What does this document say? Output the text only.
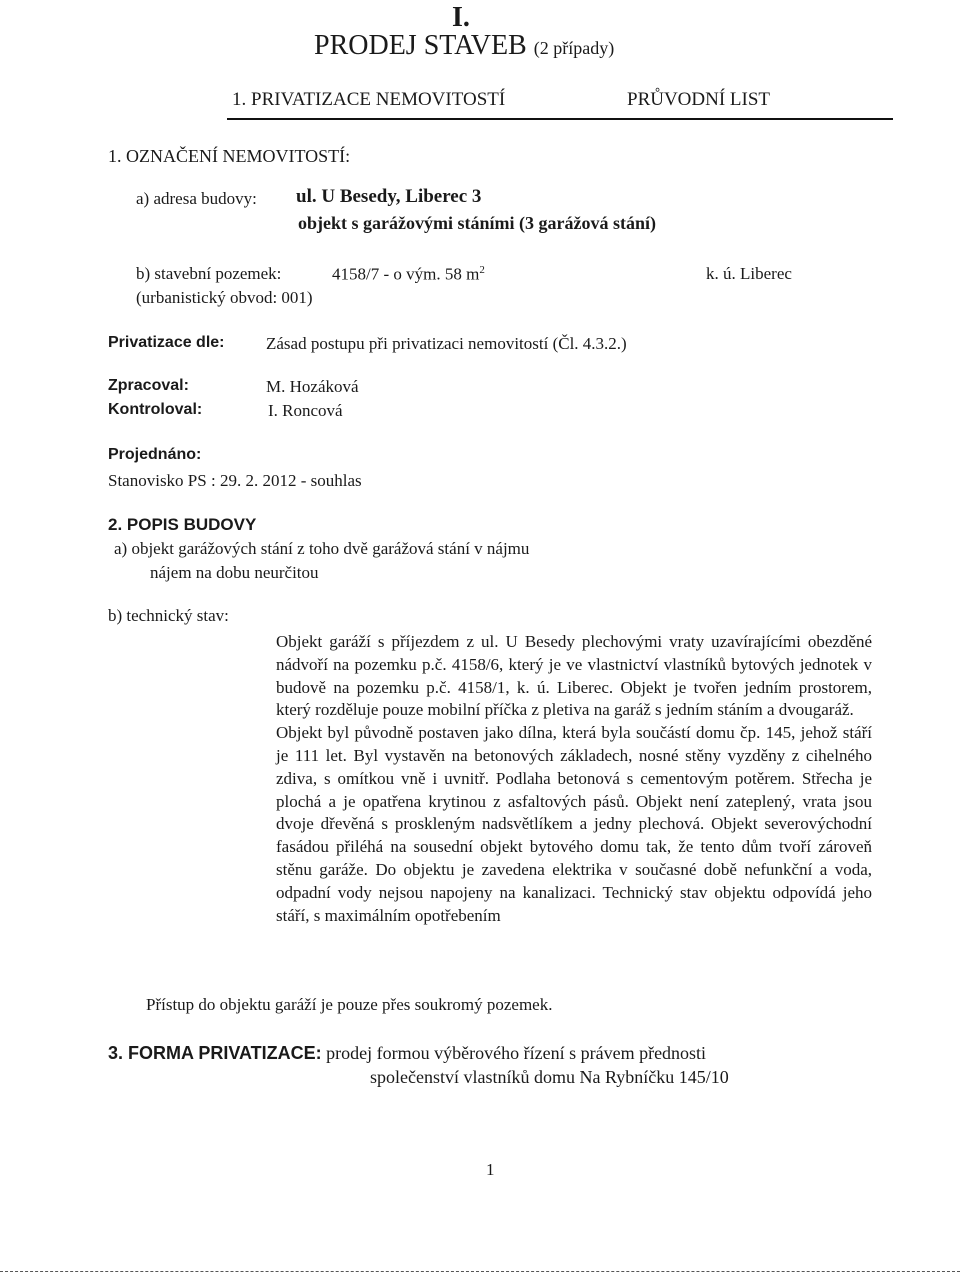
I.
PRODEJ STAVEB (2 případy)
1. PRIVATIZACE NEMOVITOSTÍ	PRŮVODNÍ LIST
1. OZNAČENÍ NEMOVITOSTÍ:
a) adresa budovy: ul. U Besedy, Liberec 3
objekt s garážovými stáními (3 garážová stání)
b) stavební pozemek:	4158/7 - o vým. 58 $m^2$	k. ú. Liberec
(urbanistický obvod: 001)
Privatizace dle: Zásad postupu při privatizaci nemovitostí (Čl. 4.3.2.)
Zpracoval:	M. Hozáková
Kontroloval:	I. Roncová
Projednáno:
Stanovisko PS : 29. 2. 2012 - souhlas
2. POPIS BUDOVY
a) objekt garážových stání z toho dvě garážová stání v nájmu
nájem na dobu neurčitou
b) technický stav:

Objekt garáží s příjezdem z ul. U Besedy plechovými vraty uzavírajícími obezděné nádvoří na pozemku p.č. 4158/6, který je ve vlastnictví vlastníků bytových jednotek v budově na pozemku p.č. 4158/1, k. ú. Liberec. Objekt je tvořen jedním prostorem, který rozděluje pouze mobilní příčka z pletiva na garáž s jedním stáním a dvougaráž.

Objekt byl původně postaven jako dílna, která byla součástí domu čp. 145, jehož stáří je 111 let. Byl vystavěn na betonových základech, nosné stěny vyzděny z cihelného zdiva, s omítkou vně i uvnitř. Podlaha betonová s cementovým potěrem. Střecha je plochá a je opatřena krytinou z asfaltových pásů. Objekt není zateplený, vrata jsou dvoje dřevěná s proskleným nadsvětlíkem a jedny plechová. Objekt severovýchodní fasádou přiléhá na sousední objekt bytového domu tak, že tento dům tvoří zároveň stěnu garáže. Do objektu je zavedena elektrika v současné době nefunkční a voda, odpadní vody nejsou napojeny na kanalizaci. Technický stav objektu odpovídá jeho stáří, s maximálním opotřebením

Přístup do objektu garáží je pouze přes soukromý pozemek.
3. FORMA PRIVATIZACE: prodej formou výběrového řízení s právem přednosti
společenství vlastníků domu Na Rybníčku 145/10
1
